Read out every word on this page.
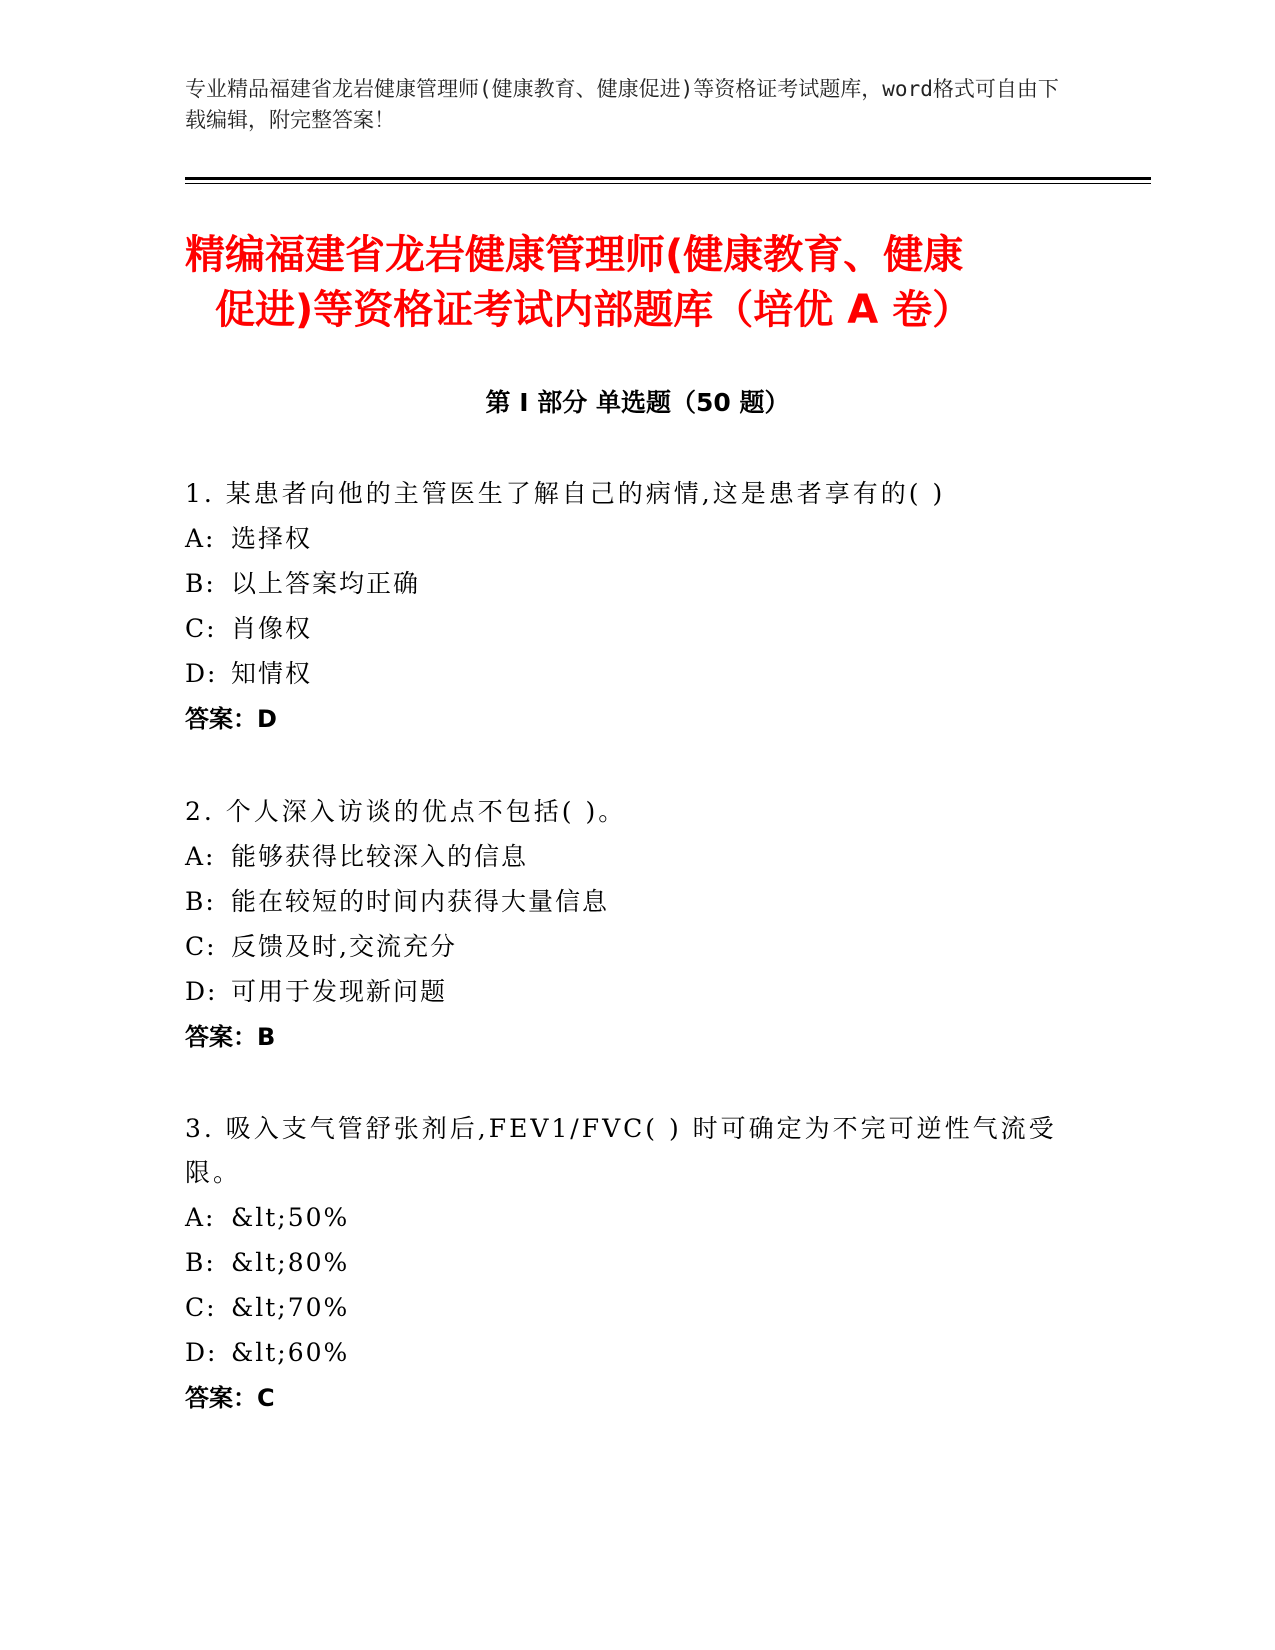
专业精品福建省龙岩健康管理师(健康教育、健康促进)等资格证考试题库，word格式可自由下载编辑，附完整答案！
精编福建省龙岩健康管理师(健康教育、健康
促进)等资格证考试内部题库（培优 A 卷）
第 I 部分 单选题（50 题）
1. 某患者向他的主管医生了解自己的病情,这是患者享有的( )
A: 选择权
B: 以上答案均正确
C: 肖像权
D: 知情权
答案：D
2. 个人深入访谈的优点不包括( )。
A: 能够获得比较深入的信息
B: 能在较短的时间内获得大量信息
C: 反馈及时,交流充分
D: 可用于发现新问题
答案：B
3. 吸入支气管舒张剂后,FEV1/FVC( ) 时可确定为不完可逆性气流受限。
A: &lt;50%
B: &lt;80%
C: &lt;70%
D: &lt;60%
答案：C
